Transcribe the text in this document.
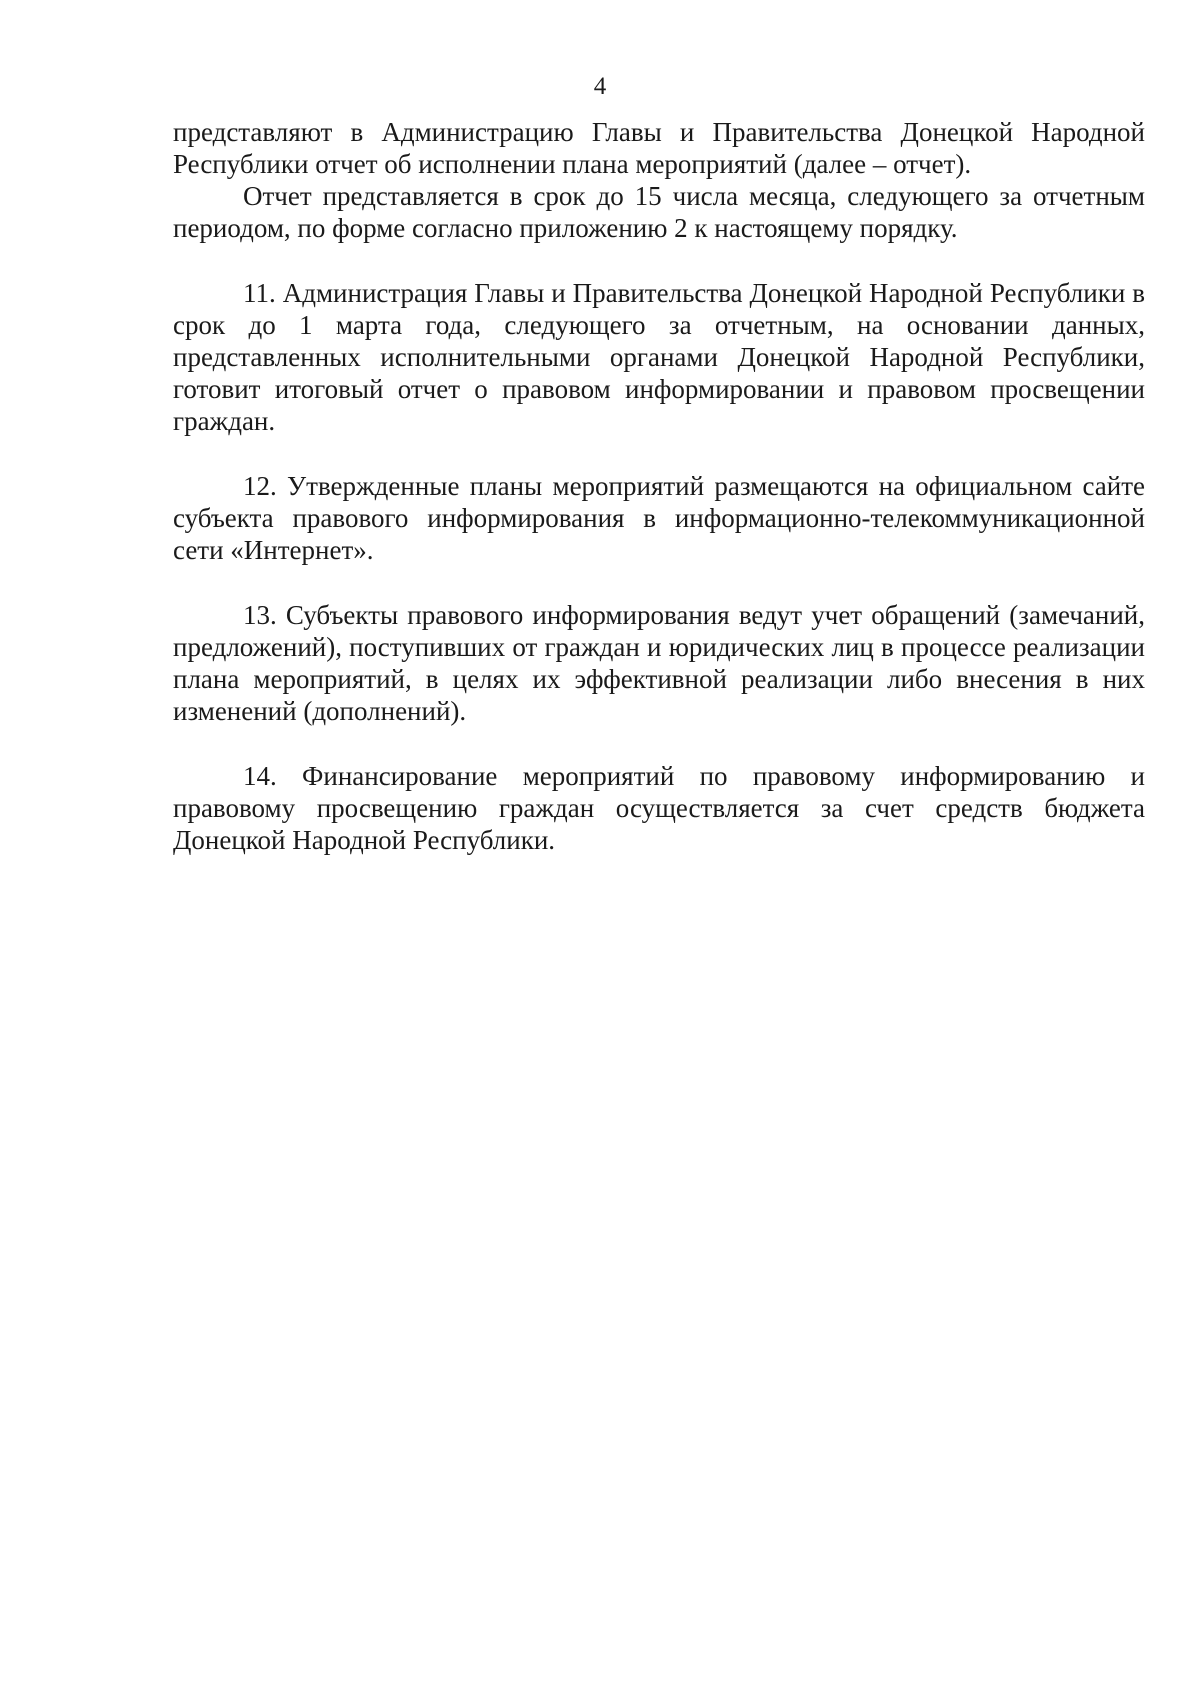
4

представляют в Администрацию Главы и Правительства Донецкой Народной Республики отчет об исполнении плана мероприятий (далее – отчет).

Отчет представляется в срок до 15 числа месяца, следующего за отчетным периодом, по форме согласно приложению 2 к настоящему порядку.

11. Администрация Главы и Правительства Донецкой Народной Республики в срок до 1 марта года, следующего за отчетным, на основании данных, представленных исполнительными органами Донецкой Народной Республики, готовит итоговый отчет о правовом информировании и правовом просвещении граждан.

12. Утвержденные планы мероприятий размещаются на официальном сайте субъекта правового информирования в информационно-телекоммуникационной сети «Интернет».

13. Субъекты правового информирования ведут учет обращений (замечаний, предложений), поступивших от граждан и юридических лиц в процессе реализации плана мероприятий, в целях их эффективной реализации либо внесения в них изменений (дополнений).

14. Финансирование мероприятий по правовому информированию и правовому просвещению граждан осуществляется за счет средств бюджета Донецкой Народной Республики.
